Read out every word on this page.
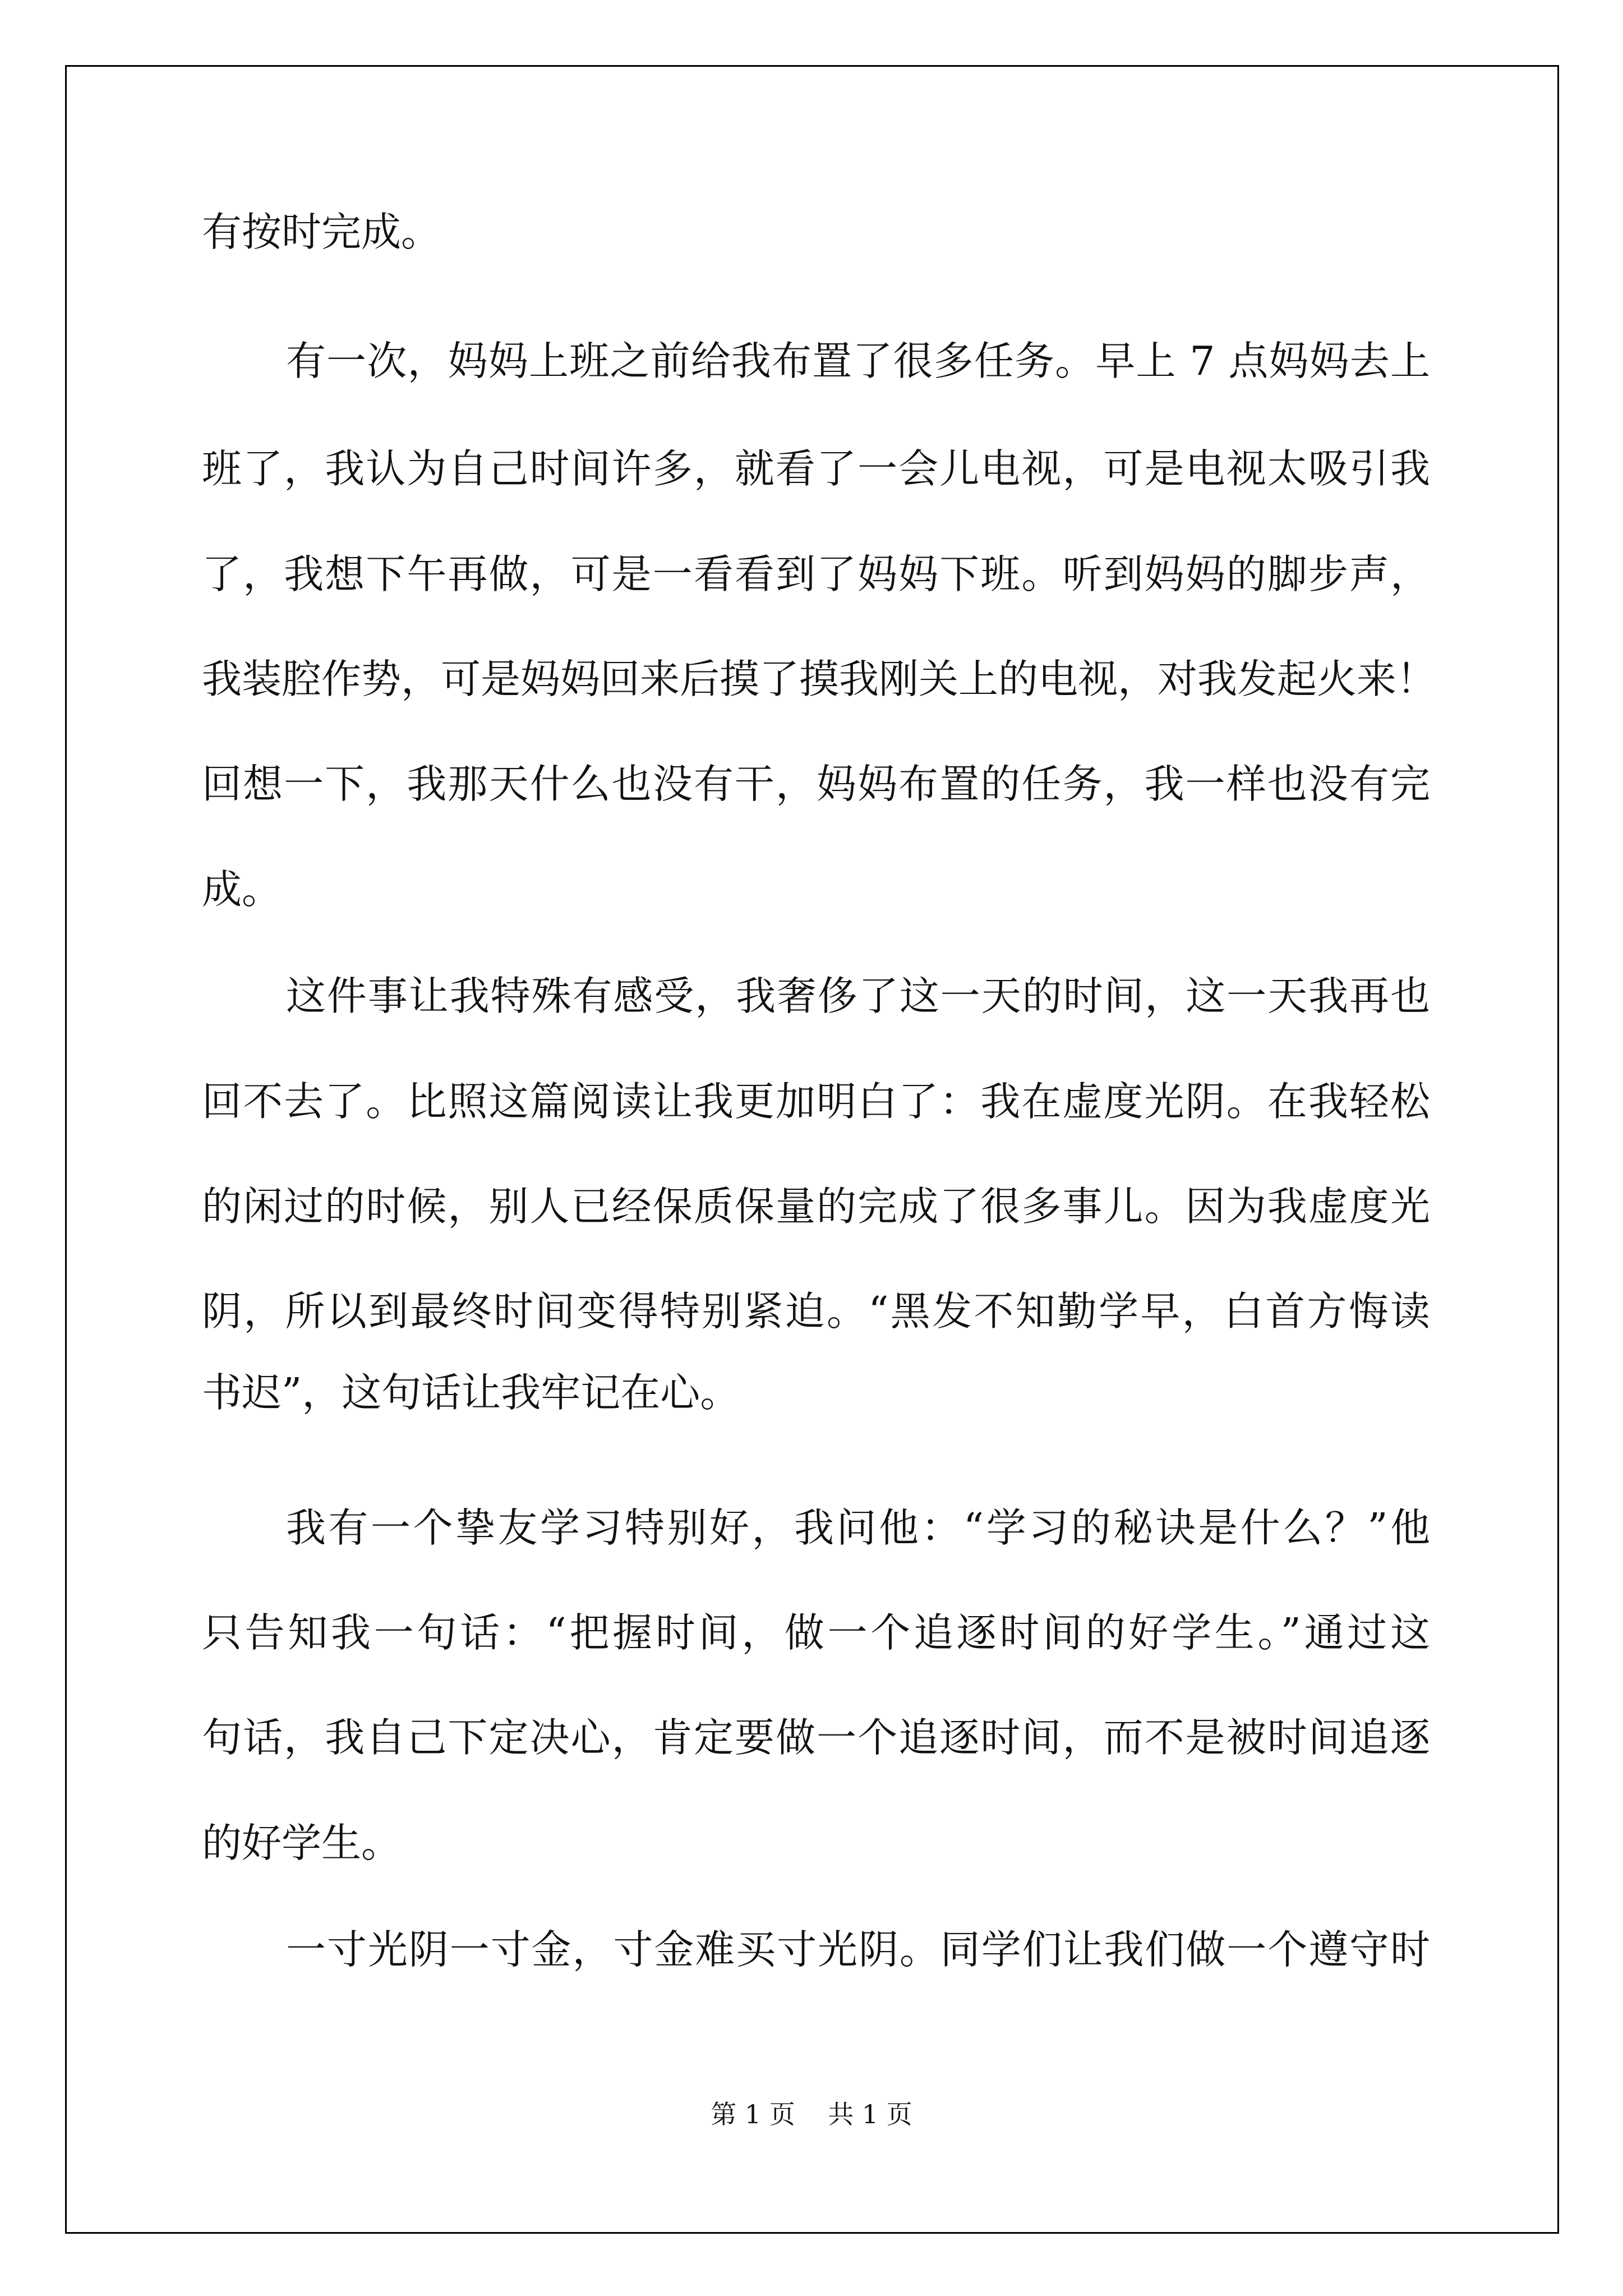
有按时完成。
有一次，妈妈上班之前给我布置了很多任务。早上 7 点妈妈去上
班了，我认为自己时间许多，就看了一会儿电视，可是电视太吸引我
了，我想下午再做，可是一看看到了妈妈下班。听到妈妈的脚步声，
我装腔作势，可是妈妈回来后摸了摸我刚关上的电视，对我发起火来！
回想一下，我那天什么也没有干，妈妈布置的任务，我一样也没有完
成。
这件事让我特殊有感受，我奢侈了这一天的时间，这一天我再也
回不去了。比照这篇阅读让我更加明白了：我在虚度光阴。在我轻松
的闲过的时候，别人已经保质保量的完成了很多事儿。因为我虚度光
阴，所以到最终时间变得特别紧迫。“黑发不知勤学早，白首方悔读
书迟”，这句话让我牢记在心。
我有一个挚友学习特别好，我问他：“学习的秘诀是什么？”他
只告知我一句话：“把握时间，做一个追逐时间的好学生。”通过这
句话，我自己下定决心，肯定要做一个追逐时间，而不是被时间追逐
的好学生。
一寸光阴一寸金，寸金难买寸光阴。同学们让我们做一个遵守时
第 1 页    共 1 页
